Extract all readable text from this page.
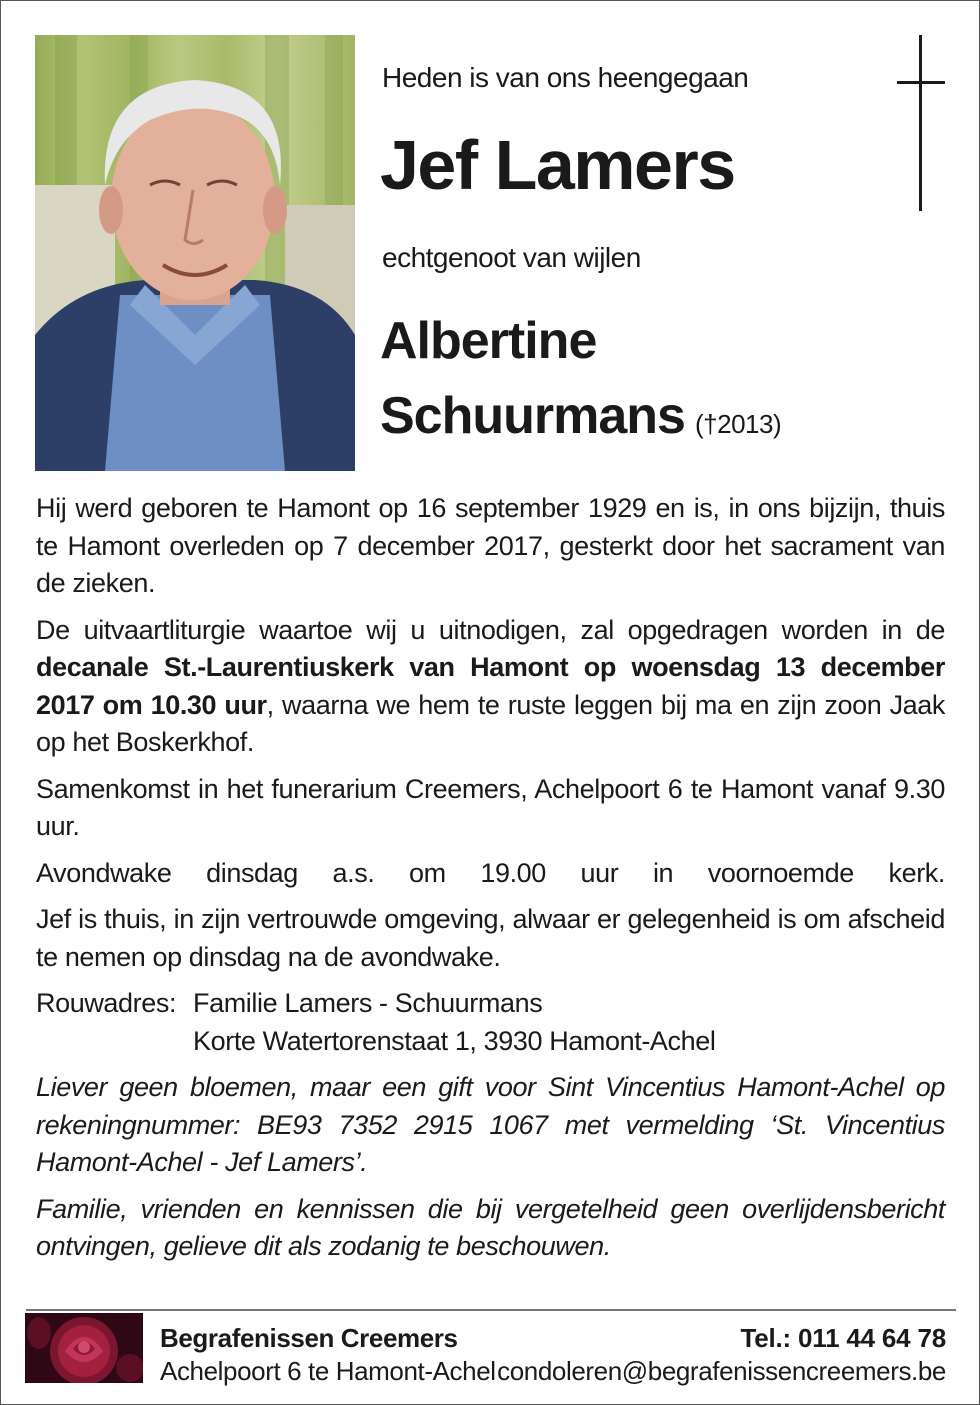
Heden is van ons heengegaan
Jef Lamers
echtgenoot van wijlen
Albertine
Schuurmans (†2013)

Hij werd geboren te Hamont op 16 september 1929 en is, in ons bijzijn, thuis te Hamont overleden op 7 december 2017, gesterkt door het sacrament van de zieken.

De uitvaartliturgie waartoe wij u uitnodigen, zal opgedragen worden in de decanale St.-Laurentiuskerk van Hamont op woensdag 13 december 2017 om 10.30 uur, waarna we hem te ruste leggen bij ma en zijn zoon Jaak op het Boskerkhof.

Samenkomst in het funerarium Creemers, Achelpoort 6 te Hamont vanaf 9.30 uur.

Avondwake dinsdag a.s. om 19.00 uur in voornoemde kerk.

Jef is thuis, in zijn vertrouwde omgeving, alwaar er gelegenheid is om afscheid te nemen op dinsdag na de avondwake.

Rouwadres: Familie Lamers - Schuurmans
Korte Watertorenstaat 1, 3930 Hamont-Achel

Liever geen bloemen, maar een gift voor Sint Vincentius Hamont-Achel op rekeningnummer: BE93 7352 2915 1067 met vermelding ‘St. Vincentius Hamont-Achel - Jef Lamers’.

Familie, vrienden en kennissen die bij vergetelheid geen overlijdensbericht ontvingen, gelieve dit als zodanig te beschouwen.

Begrafenissen Creemers
Achelpoort 6 te Hamont-Achel
Tel.: 011 44 64 78
condoleren@begrafenissencreemers.be
